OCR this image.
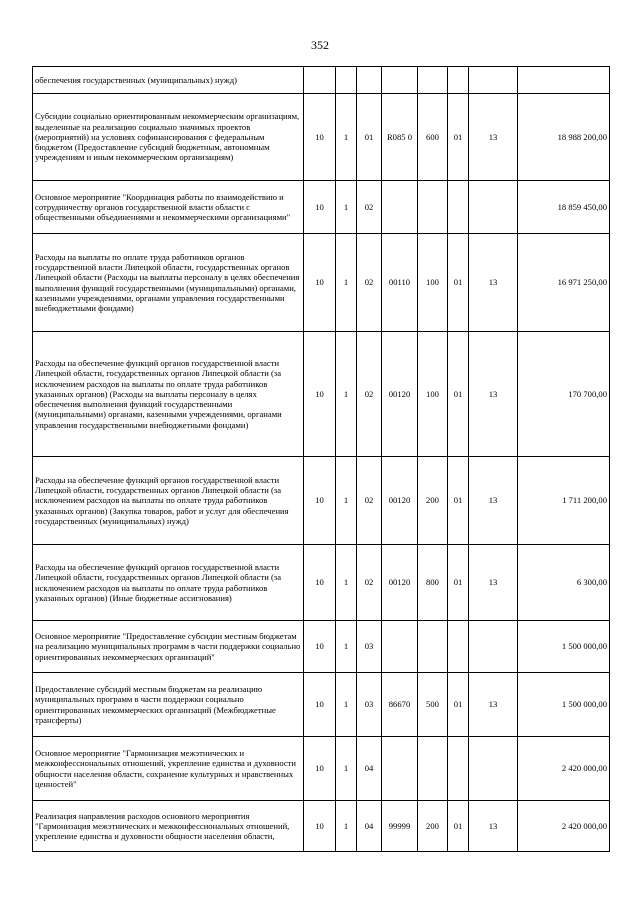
352
обеспечения государственных (муниципальных) нужд)								
Субсидии социально ориентированным некоммерческим организациям, выделенные на реализацию социально значимых проектов (мероприятий) на условиях софинансирования с федеральным бюджетом (Предоставление субсидий бюджетным, автономным учреждениям и иным некоммерческим организациям)	10	1	01	R085 0	600	01	13	18 988 200,00
Основное мероприятие "Координация работы по взаимодействию и сотрудничеству органов государственной власти области с общественными объединениями и некоммерческими организациями"	10	1	02					18 859 450,00
Расходы на выплаты по оплате труда работников органов государственной власти Липецкой области, государственных органов Липецкой области (Расходы на выплаты персоналу в целях обеспечения выполнения функций государственными (муниципальными) органами, казенными учреждениями, органами управления государственными внебюджетными фондами)	10	1	02	00110	100	01	13	16 971 250,00
Расходы на обеспечение функций органов государственной власти Липецкой области, государственных органов Липецкой области (за исключением расходов на выплаты по оплате труда работников указанных органов) (Расходы на выплаты персоналу в целях обеспечения выполнения функций государственными (муниципальными) органами, казенными учреждениями, органами управления государственными внебюджетными фондами)	10	1	02	00120	100	01	13	170 700,00
Расходы на обеспечение функций органов государственной власти Липецкой области, государственных органов Липецкой области (за исключением расходов на выплаты по оплате труда работников указанных органов) (Закупка товаров, работ и услуг для обеспечения государственных (муниципальных) нужд)	10	1	02	00120	200	01	13	1 711 200,00
Расходы на обеспечение функций органов государственной власти Липецкой области, государственных органов Липецкой области (за исключением расходов на выплаты по оплате труда работников указанных органов) (Иные бюджетные ассигнования)	10	1	02	00120	800	01	13	6 300,00
Основное мероприятие "Предоставление субсидии местным бюджетам на реализацию муниципальных программ в части поддержки социально ориентированных некоммерческих организаций"	10	1	03					1 500 000,00
Предоставление субсидий местным бюджетам на реализацию муниципальных программ в части поддержки социально ориентированных некоммерческих организаций (Межбюджетные трансферты)	10	1	03	86670	500	01	13	1 500 000,00
Основное мероприятие "Гармонизация межэтнических и межконфессиональных отношений, укрепление единства и духовности общности населения области, сохранение культурных и нравственных ценностей"	10	1	04					2 420 000,00
Реализация направления расходов основного мероприятия "Гармонизация межэтнических и межконфессиональных отношений, укрепление единства и духовности общности населения области,	10	1	04	99999	200	01	13	2 420 000,00
